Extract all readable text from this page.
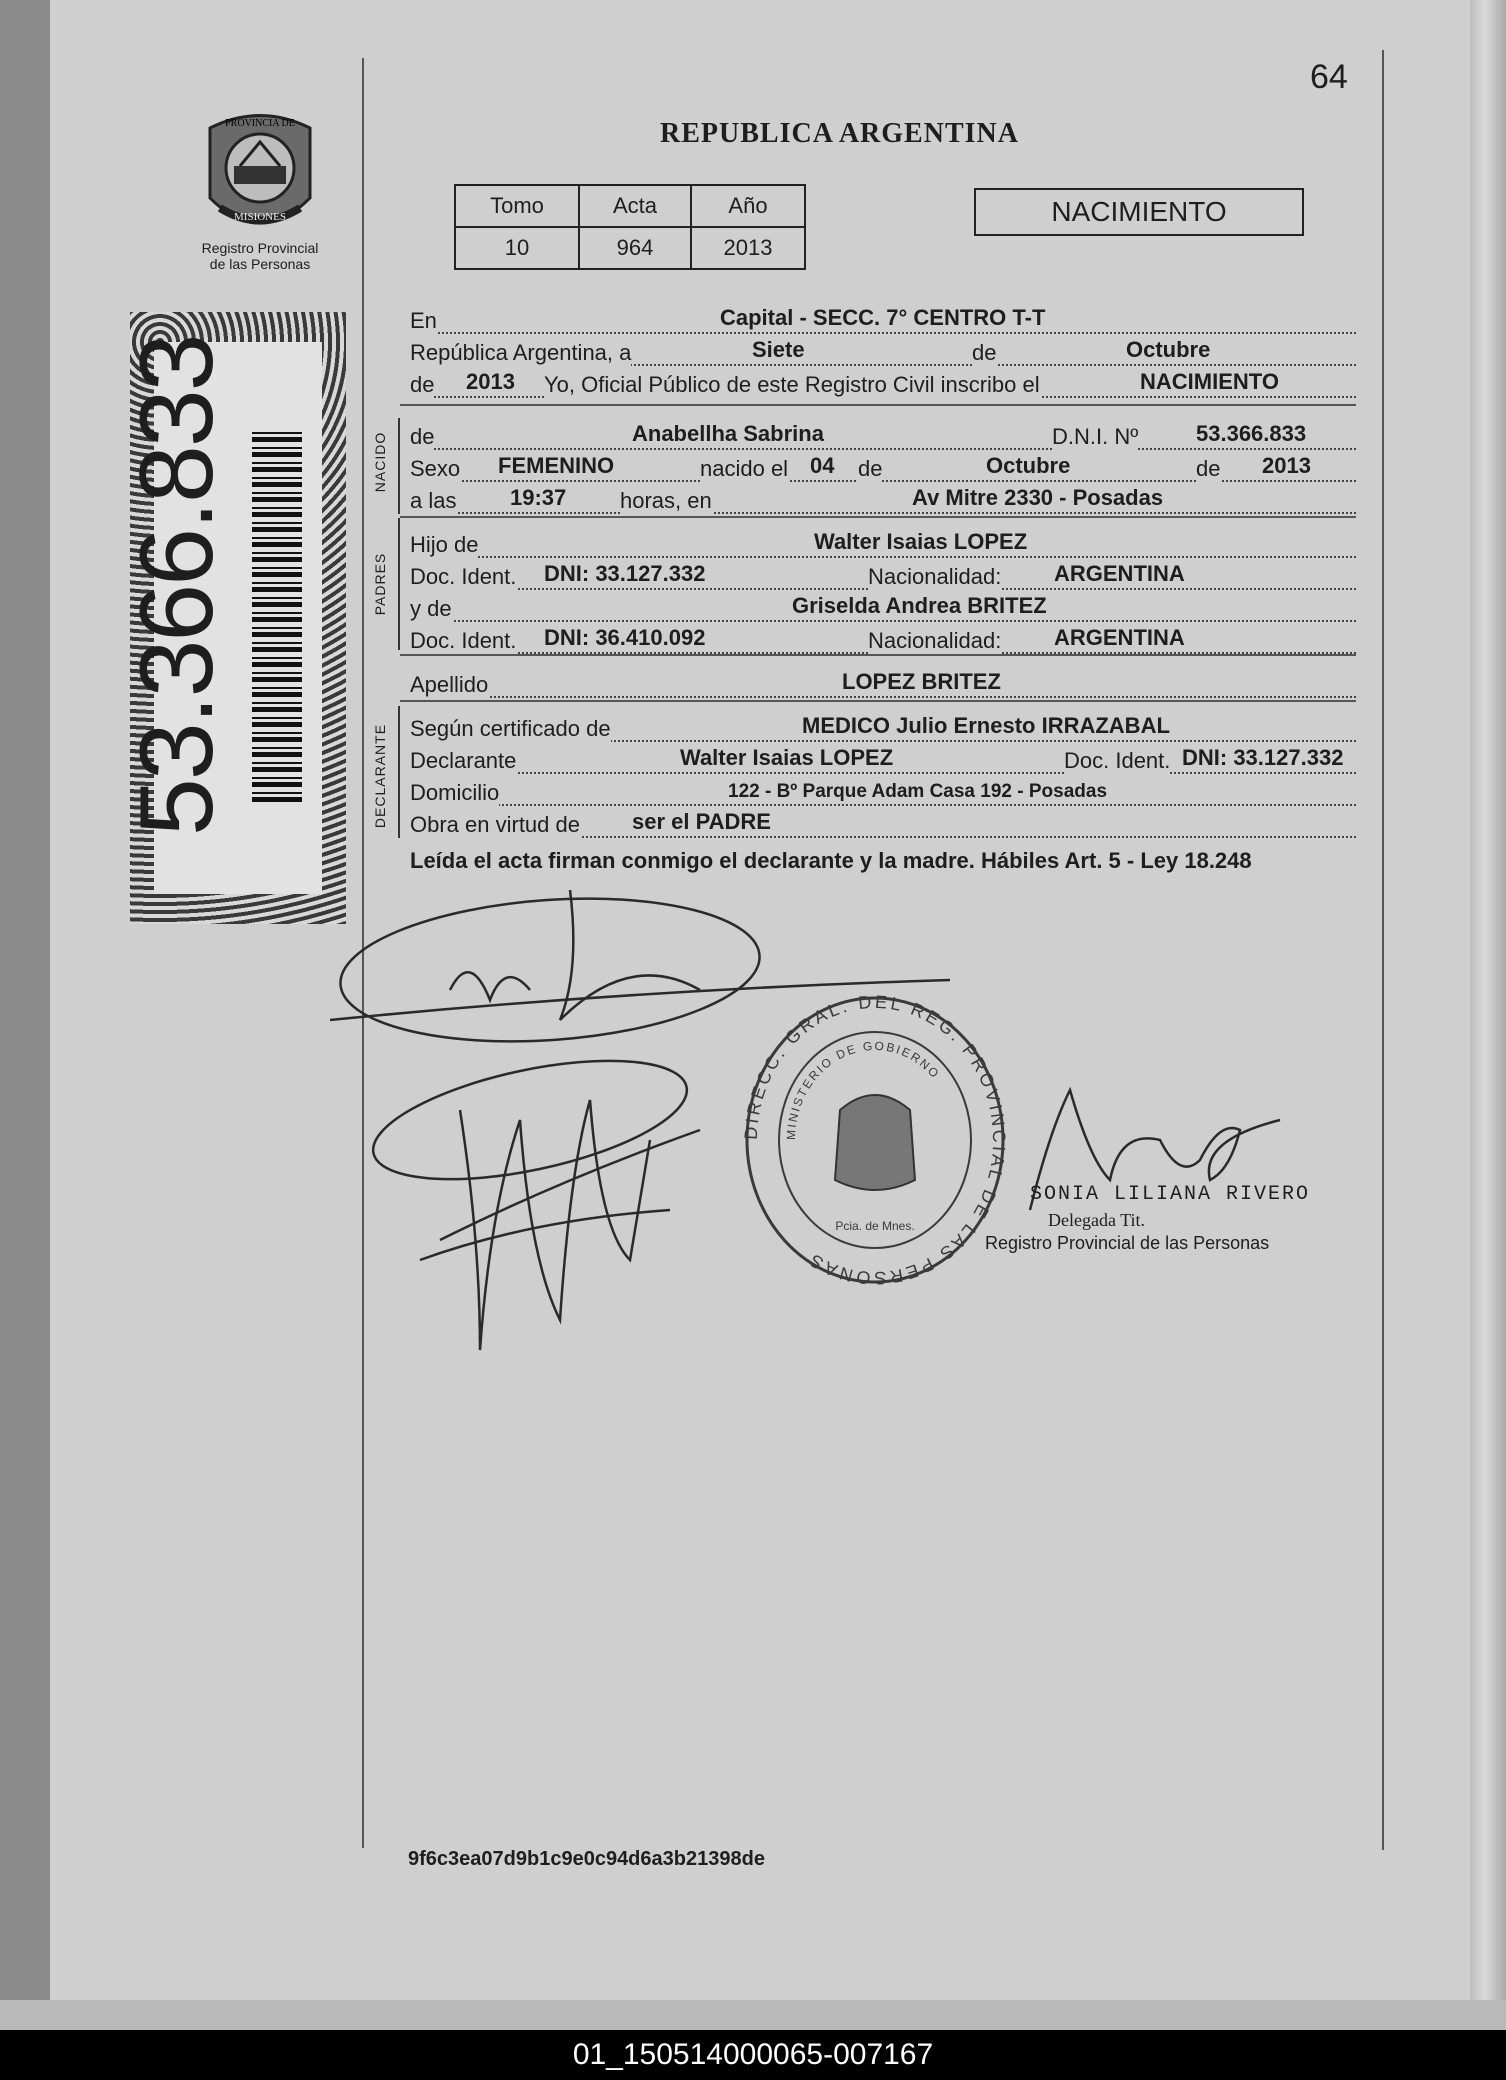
64
REPUBLICA ARGENTINA
PROVINCIA DE
MISIONES
Registro Provincial
de las Personas
53.366.833
Tomo	Acta	Año
10	964	2013
NACIMIENTO
NACIDO
PADRES
DECLARANTE
En	Capital - SECC. 7° CENTRO T-T
República Argentina, a	Siete	de	Octubre
de 2013 Yo, Oficial Público de este Registro Civil inscribo el	NACIMIENTO
de	Anabellha Sabrina	D.N.I. Nº	53.366.833
Sexo FEMENINO	nacido el 04 de	Octubre	de 2013
a las 19:37 horas, en	Av Mitre 2330 - Posadas
Hijo de	Walter Isaias LOPEZ
Doc. Ident. DNI: 33.127.332	Nacionalidad: ARGENTINA
y de	Griselda Andrea BRITEZ
Doc. Ident. DNI: 36.410.092	Nacionalidad: ARGENTINA
Apellido	LOPEZ BRITEZ
Según certificado de	MEDICO Julio Ernesto IRRAZABAL
Declarante	Walter Isaias LOPEZ	Doc. Ident. DNI: 33.127.332
Domicilio	122 - Bº Parque Adam Casa 192 - Posadas
Obra en virtud de ser el PADRE
Leída el acta firman conmigo el declarante y la madre. Hábiles Art. 5 - Ley 18.248
DIRECC. GRAL. DEL REG. PROVINCIAL DE LAS PERSONAS
MINISTERIO DE GOBIERNO
Pcia. de Mnes.
SONIA LILIANA RIVERO
Delegada Tit.
Registro Provincial de las Personas
9f6c3ea07d9b1c9e0c94d6a3b21398de
01_150514000065-007167
